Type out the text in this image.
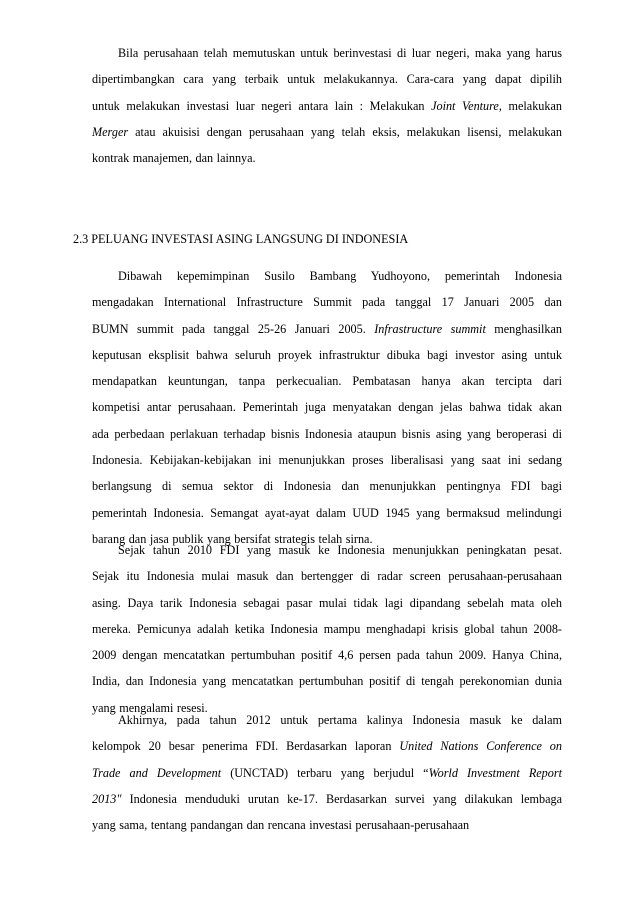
Bila perusahaan telah memutuskan untuk berinvestasi di luar negeri, maka yang harus
dipertimbangkan cara yang terbaik untuk melakukannya. Cara-cara yang dapat dipilih
untuk melakukan investasi luar negeri antara lain : Melakukan Joint Venture, melakukan
Merger atau akuisisi dengan perusahaan yang telah eksis, melakukan lisensi, melakukan
kontrak manajemen, dan lainnya.
2.3 PELUANG INVESTASI ASING LANGSUNG DI INDONESIA
Dibawah kepemimpinan Susilo Bambang Yudhoyono, pemerintah Indonesia
mengadakan International Infrastructure Summit pada tanggal 17 Januari 2005 dan
BUMN summit pada tanggal 25-26 Januari 2005. Infrastructure summit menghasilkan
keputusan eksplisit bahwa seluruh proyek infrastruktur dibuka bagi investor asing untuk
mendapatkan keuntungan, tanpa perkecualian. Pembatasan hanya akan tercipta dari
kompetisi antar perusahaan. Pemerintah juga menyatakan dengan jelas bahwa tidak akan
ada perbedaan perlakuan terhadap bisnis Indonesia ataupun bisnis asing yang beroperasi di
Indonesia. Kebijakan-kebijakan ini menunjukkan proses liberalisasi yang saat ini sedang
berlangsung di semua sektor di Indonesia dan menunjukkan pentingnya FDI bagi
pemerintah Indonesia. Semangat ayat-ayat dalam UUD 1945 yang bermaksud melindungi
barang dan jasa publik yang bersifat strategis telah sirna.
Sejak tahun 2010 FDI yang masuk ke Indonesia menunjukkan peningkatan pesat.
Sejak itu Indonesia mulai masuk dan bertengger di radar screen perusahaan-perusahaan
asing. Daya tarik Indonesia sebagai pasar mulai tidak lagi dipandang sebelah mata oleh
mereka. Pemicunya adalah ketika Indonesia mampu menghadapi krisis global tahun 2008-
2009 dengan mencatatkan pertumbuhan positif 4,6 persen pada tahun 2009. Hanya China,
India, dan Indonesia yang mencatatkan pertumbuhan positif di tengah perekonomian dunia
yang mengalami resesi.
Akhirnya, pada tahun 2012 untuk pertama kalinya Indonesia masuk ke dalam
kelompok 20 besar penerima FDI. Berdasarkan laporan United Nations Conference on
Trade and Development (UNCTAD) terbaru yang berjudul “World Investment Report
2013" Indonesia menduduki urutan ke-17. Berdasarkan survei yang dilakukan lembaga
yang sama, tentang pandangan dan rencana investasi perusahaan-perusahaan
